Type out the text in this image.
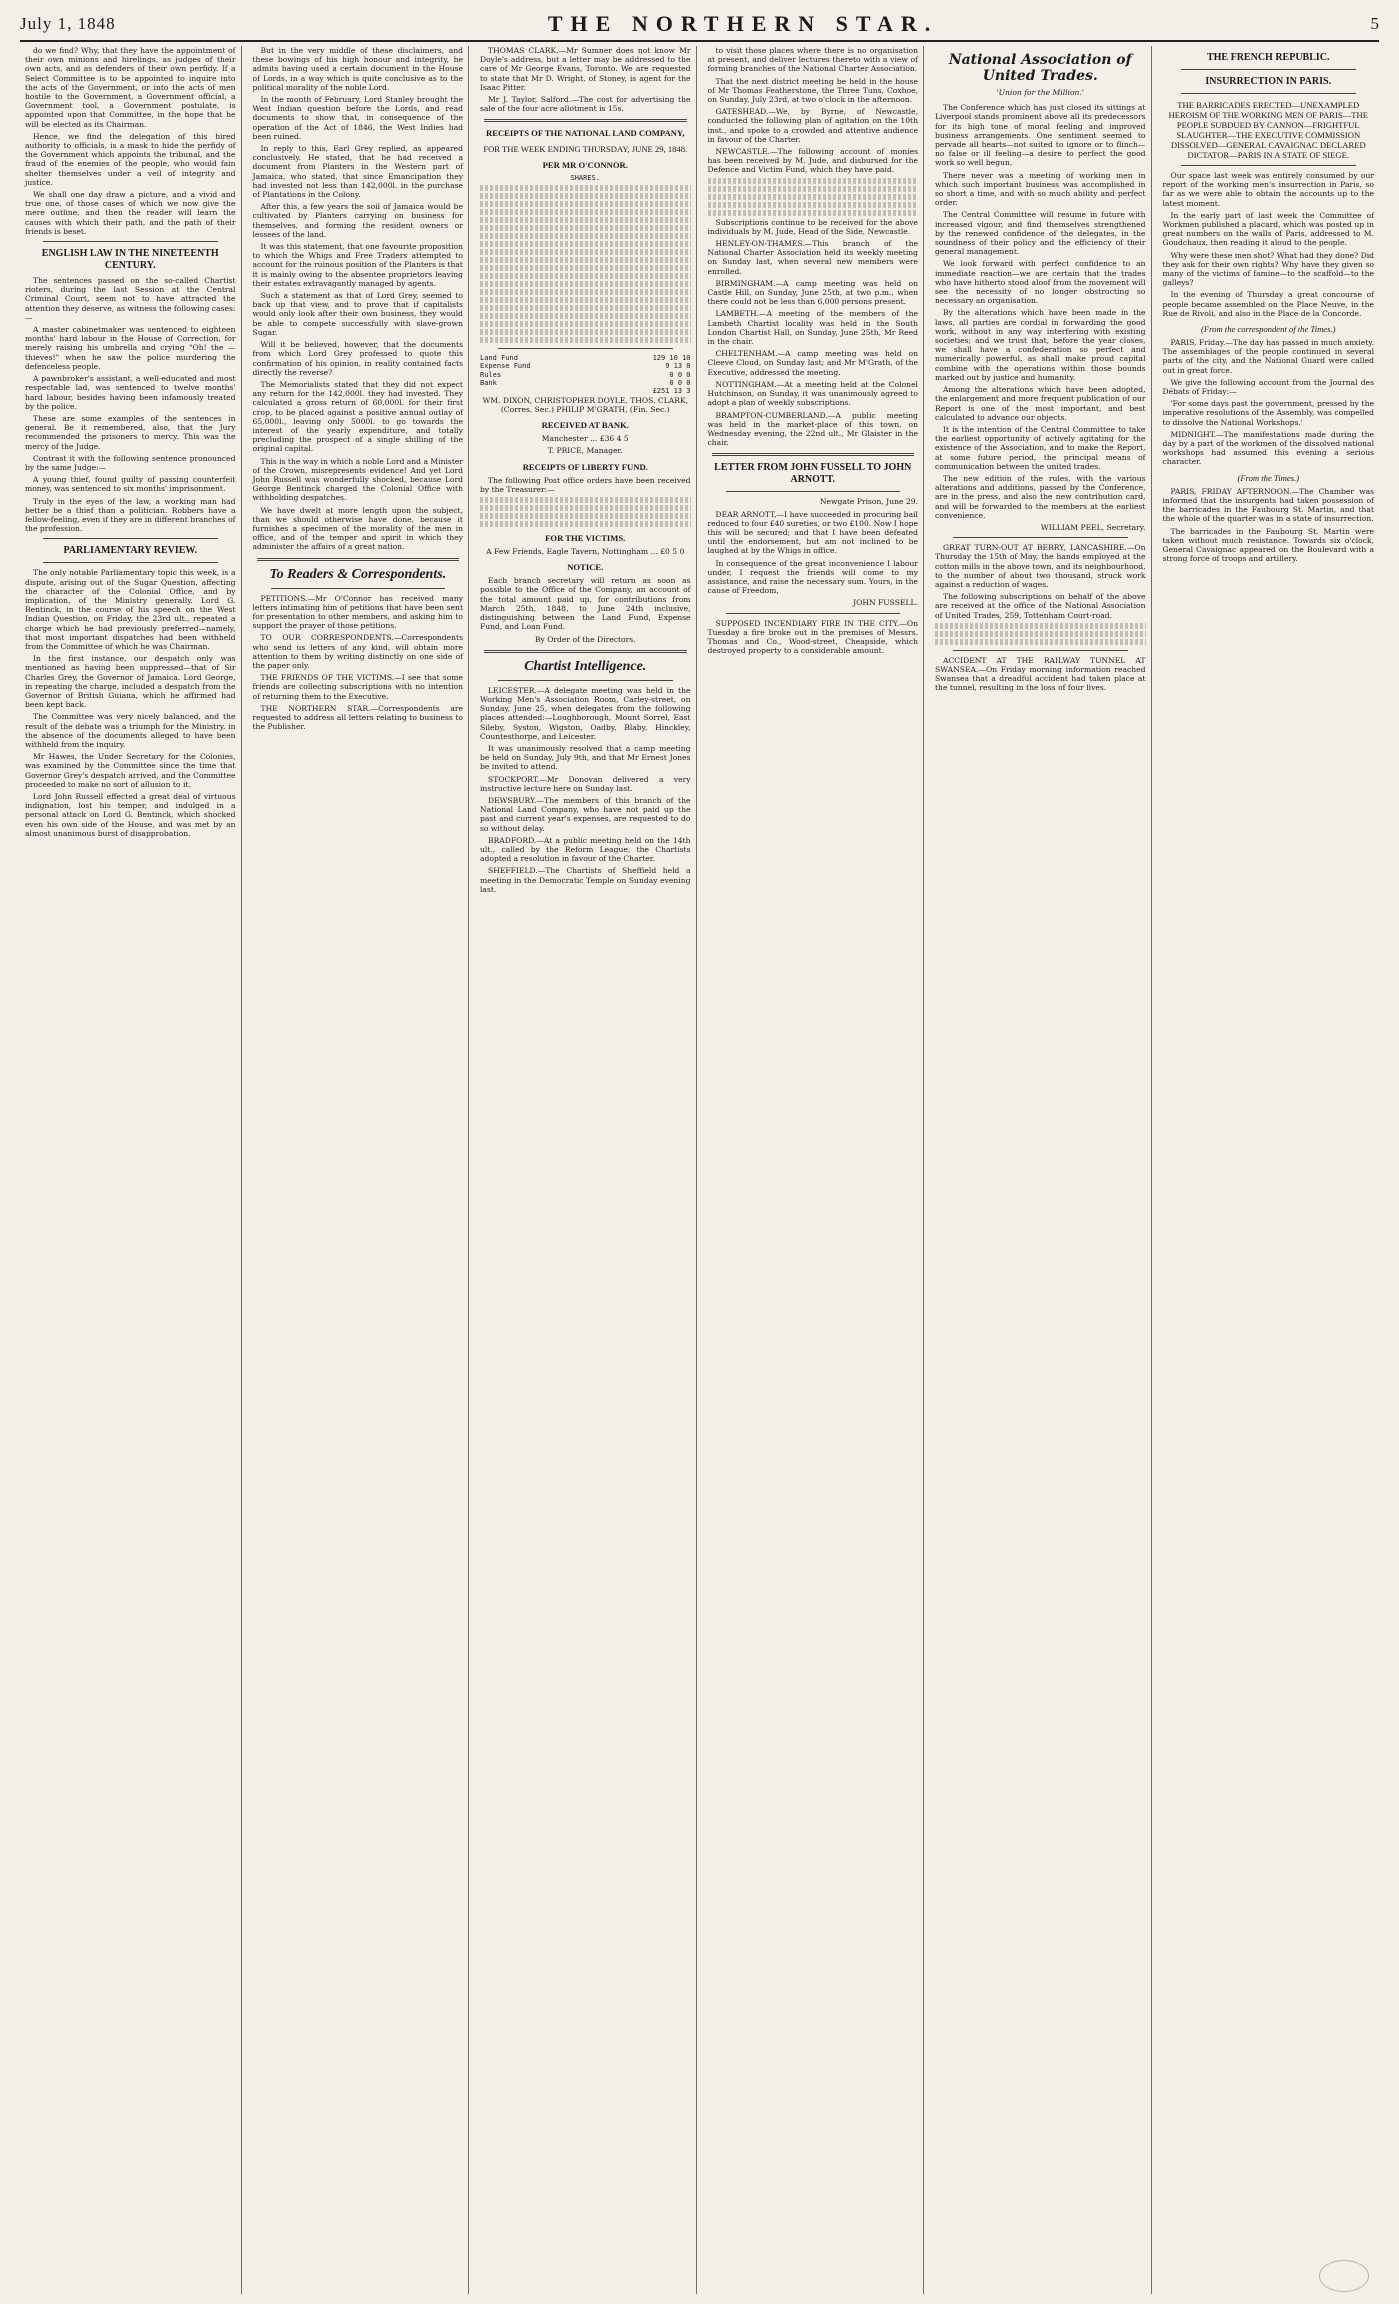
July 1, 1848	THE NORTHERN STAR.	5

do we find? Why, that they have the appointment of their own minions and hirelings, as judges of their own acts, and as defenders of their own perfidy. If a Select Committee is to be appointed to inquire into the acts of the Government, or into the acts of men hostile to the Government, a Government official, a Government tool, a Government postulate, is appointed upon that Committee, in the hope that he will be elected as its Chairman.

Hence, we find the delegation of this hired authority to officials, is a mask to hide the perfidy of the Government which appoints the tribunal, and the fraud of the enemies of the people, who would fain shelter themselves under a veil of integrity and justice.

We shall one day draw a picture, and a vivid and true one, of those cases of which we now give the mere outline, and then the reader will learn the causes with which their path, and the path of their friends is beset.

ENGLISH LAW IN THE NINETEENTH CENTURY.

The sentences passed on the so-called Chartist rioters, during the last Session at the Central Criminal Court, seem not to have attracted the attention they deserve, as witness the following cases:—

A master cabinetmaker was sentenced to eighteen months' hard labour in the House of Correction, for merely raising his umbrella and crying "Oh! the — thieves!" when he saw the police murdering the defenceless people.

A pawnbroker's assistant, a well-educated and most respectable lad, was sentenced to twelve months' hard labour, besides having been infamously treated by the police.

These are some examples of the sentences in general. Be it remembered, also, that the Jury recommended the prisoners to mercy. This was the mercy of the Judge.

Contrast it with the following sentence pronounced by the same Judge:—

A young thief, found guilty of passing counterfeit money, was sentenced to six months' imprisonment.

Truly in the eyes of the law, a working man had better be a thief than a politician. Robbers have a fellow-feeling, even if they are in different branches of the profession.

PARLIAMENTARY REVIEW.

The only notable Parliamentary topic this week, is a dispute, arising out of the Sugar Question, affecting the character of the Colonial Office, and by implication, of the Ministry generally. Lord G. Bentinck, in the course of his speech on the West Indian Question, on Friday, the 23rd ult., repeated a charge which he had previously preferred—namely, that most important dispatches had been withheld from the Committee of which he was Chairman.

In the first instance, our despatch only was mentioned as having been suppressed—that of Sir Charles Grey, the Governor of Jamaica. Lord George, in repeating the charge, included a despatch from the Governor of British Guiana, which he affirmed had been kept back.

The Committee was very nicely balanced, and the result of the debate was a triumph for the Ministry, in the absence of the documents alleged to have been withheld from the inquiry.

Mr Hawes, the Under Secretary for the Colonies, was examined by the Committee since the time that Governor Grey's despatch arrived, and the Committee proceeded to make no sort of allusion to it.

Lord John Russell effected a great deal of virtuous indignation, lost his temper, and indulged in a personal attack on Lord G. Bentinck, which shocked even his own side of the House, and was met by an almost unanimous burst of disapprobation.

But in the very middle of these disclaimers, and these bowings of his high honour and integrity, he admits having used a certain document in the House of Lords, in a way which is quite conclusive as to the political morality of the noble Lord.

In the month of February, Lord Stanley brought the West Indian question before the Lords, and read documents to show that, in consequence of the operation of the Act of 1846, the West Indies had been ruined.

In reply to this, Earl Grey replied, as appeared conclusively. He stated, that he had received a document from Planters in the Western part of Jamaica, who stated, that since Emancipation they had invested not less than 142,000l. in the purchase of Plantations in the Colony.

After this, a few years the soil of Jamaica would be cultivated by Planters carrying on business for themselves, and forming the resident owners or lessees of the land.

It was this statement, that one favourite proposition to which the Whigs and Free Traders attempted to account for the ruinous position of the Planters is that it is mainly owing to the absentee proprietors leaving their estates extravagantly managed by agents.

Such a statement as that of Lord Grey, seemed to back up that view, and to prove that if capitalists would only look after their own business, they would be able to compete successfully with slave-grown Sugar.

Will it be believed, however, that the documents from which Lord Grey professed to quote this confirmation of his opinion, in reality contained facts directly the reverse?

The Memorialists stated that they did not expect any return for the 142,000l. they had invested. They calculated a gross return of 60,000l. for their first crop, to be placed against a positive annual outlay of 65,000l., leaving only 5000l. to go towards the interest of the yearly expenditure, and totally precluding the prospect of a single shilling of the original capital.

This is the way in which a noble Lord and a Minister of the Crown, misrepresents evidence! And yet Lord John Russell was wonderfully shocked, because Lord George Bentinck charged the Colonial Office with withholding despatches.

We have dwelt at more length upon the subject, than we should otherwise have done, because it furnishes a specimen of the morality of the men in office, and of the temper and spirit in which they administer the affairs of a great nation.

To Readers & Correspondents.

PETITIONS.—Mr O'Connor has received many letters intimating him of petitions that have been sent for presentation to other members, and asking him to support the prayer of those petitions.

TO OUR CORRESPONDENTS.—Correspondents who send us letters of any kind, will obtain more attention to them by writing distinctly on one side of the paper only.

THE FRIENDS OF THE VICTIMS.—I see that some friends are collecting subscriptions with no intention of returning them to the Executive.

THE NORTHERN STAR.—Correspondents are requested to address all letters relating to business to the Publisher.

THOMAS CLARK.—Mr Sumner does not know Mr Doyle's address, but a letter may be addressed to the care of Mr George Evans, Toronto. We are requested to state that Mr D. Wright, of Stoney, is agent for the Isaac Pitter.

Mr J. Taylor, Salford.—The cost for advertising the sale of the four acre allotment is 15s.

RECEIPTS OF THE NATIONAL LAND COMPANY,
FOR THE WEEK ENDING THURSDAY, JUNE 29, 1848.
PER MR O'CONNOR.
SHARES.
Land Fund	129 10 10
Expense Fund	9 13 0
Rules	0 0 0
Bank	0 0 0
£251 13 3

WM. DIXON, CHRISTOPHER DOYLE, THOS. CLARK, (Corres. Sec.) PHILIP M'GRATH, (Fin. Sec.)

RECEIVED AT BANK.

Manchester ... £36 4 5

T. PRICE, Manager.

RECEIPTS OF LIBERTY FUND.

The following Post office orders have been received by the Treasurer:—

FOR THE VICTIMS.

A Few Friends, Eagle Tavern, Nottingham ... £0 5 0

NOTICE.

Each branch secretary will return as soon as possible to the Office of the Company, an account of the total amount paid up, for contributions from March 25th, 1848, to June 24th inclusive, distinguishing between the Land Fund, Expense Fund, and Loan Fund.

By Order of the Directors.

Chartist Intelligence.

LEICESTER.—A delegate meeting was held in the Working Men's Association Room, Carley-street, on Sunday, June 25, when delegates from the following places attended:—Loughborough, Mount Sorrel, East Sileby, Syston, Wigston, Oadby, Blaby, Hinckley, Countesthorpe, and Leicester.

It was unanimously resolved that a camp meeting be held on Sunday, July 9th, and that Mr Ernest Jones be invited to attend.

STOCKPORT.—Mr Donovan delivered a very instructive lecture here on Sunday last.

DEWSBURY.—The members of this branch of the National Land Company, who have not paid up the past and current year's expenses, are requested to do so without delay.

BRADFORD.—At a public meeting held on the 14th ult., called by the Reform League, the Chartists adopted a resolution in favour of the Charter.

SHEFFIELD.—The Chartists of Sheffield held a meeting in the Democratic Temple on Sunday evening last.

to visit those places where there is no organisation at present, and deliver lectures thereto with a view of forming branches of the National Charter Association.

That the next district meeting be held in the house of Mr Thomas Featherstone, the Three Tuns, Coxhoe, on Sunday, July 23rd, at two o'clock in the afternoon.

GATESHEAD.—We, by Byrne, of Newcastle, conducted the following plan of agitation on the 10th inst., and spoke to a crowded and attentive audience in favour of the Charter.

NEWCASTLE.—The following account of monies has been received by M. Jude, and disbursed for the Defence and Victim Fund, which they have paid.

Subscriptions continue to be received for the above individuals by M. Jude, Head of the Side, Newcastle.

HENLEY-ON-THAMES.—This branch of the National Charter Association held its weekly meeting on Sunday last, when several new members were enrolled.

BIRMINGHAM.—A camp meeting was held on Castle Hill, on Sunday, June 25th, at two p.m., when there could not be less than 6,000 persons present.

LAMBETH.—A meeting of the members of the Lambeth Chartist locality was held in the South London Chartist Hall, on Sunday, June 25th, Mr Reed in the chair.

CHELTENHAM.—A camp meeting was held on Cleeve Cloud, on Sunday last; and Mr M'Grath, of the Executive, addressed the meeting.

NOTTINGHAM.—At a meeting held at the Colonel Hutchinson, on Sunday, it was unanimously agreed to adopt a plan of weekly subscriptions.

BRAMPTON-CUMBERLAND.—A public meeting was held in the market-place of this town, on Wednesday evening, the 22nd ult., Mr Glaister in the chair.

LETTER FROM JOHN FUSSELL TO JOHN ARNOTT.

Newgate Prison, June 29.

DEAR ARNOTT,—I have succeeded in procuring bail reduced to four £40 sureties, or two £100. Now I hope this will be secured; and that I have been defeated until the endorsement, but am not inclined to be laughed at by the Whigs in office.

In consequence of the great inconvenience I labour under, I request the friends will come to my assistance, and raise the necessary sum. Yours, in the cause of Freedom,

JOHN FUSSELL.

SUPPOSED INCENDIARY FIRE IN THE CITY.—On Tuesday a fire broke out in the premises of Messrs. Thomas and Co., Wood-street, Cheapside, which destroyed property to a considerable amount.

National Association of United Trades.
'Union for the Million.'

The Conference which has just closed its sittings at Liverpool stands prominent above all its predecessors for its high tone of moral feeling and improved business arrangements. One sentiment seemed to pervade all hearts—not suited to ignore or to flinch—no false or ill feeling—a desire to perfect the good work so well begun.

There never was a meeting of working men in which such important business was accomplished in so short a time, and with so much ability and perfect order.

The Central Committee will resume in future with increased vigour, and find themselves strengthened by the renewed confidence of the delegates, in the soundness of their policy and the efficiency of their general management.

We look forward with perfect confidence to an immediate reaction—we are certain that the trades who have hitherto stood aloof from the movement will see the necessity of no longer obstructing so necessary an organisation.

By the alterations which have been made in the laws, all parties are cordial in forwarding the good work, without in any way interfering with existing societies; and we trust that, before the year closes, we shall have a confederation so perfect and numerically powerful, as shall make proud capital combine with the operations within those bounds marked out by justice and humanity.

Among the alterations which have been adopted, the enlargement and more frequent publication of our Report is one of the most important, and best calculated to advance our objects.

It is the intention of the Central Committee to take the earliest opportunity of actively agitating for the existence of the Association, and to make the Report, at some future period, the principal means of communication between the united trades.

The new edition of the rules, with the various alterations and additions, passed by the Conference, are in the press, and also the new contribution card, and will be forwarded to the members at the earliest convenience.

WILLIAM PEEL, Secretary.

GREAT TURN-OUT AT BERRY, LANCASHIRE.—On Thursday the 15th of May, the hands employed at the cotton mills in the above town, and its neighbourhood, to the number of about two thousand, struck work against a reduction of wages.

The following subscriptions on behalf of the above are received at the office of the National Association of United Trades, 259, Tottenham Court-road.

ACCIDENT AT THE RAILWAY TUNNEL AT SWANSEA.—On Friday morning information reached Swansea that a dreadful accident had taken place at the tunnel, resulting in the loss of four lives.

THE FRENCH REPUBLIC.
INSURRECTION IN PARIS.
THE BARRICADES ERECTED—UNEXAMPLED HEROISM OF THE WORKING MEN OF PARIS—THE PEOPLE SUBDUED BY CANNON—FRIGHTFUL SLAUGHTER—THE EXECUTIVE COMMISSION DISSOLVED—GENERAL CAVAIGNAC DECLARED DICTATOR—PARIS IN A STATE OF SIEGE.

Our space last week was entirely consumed by our report of the working men's insurrection in Paris, so far as we were able to obtain the accounts up to the latest moment.

In the early part of last week the Committee of Workmen published a placard, which was posted up in great numbers on the walls of Paris, addressed to M. Goudchaux, then reading it aloud to the people.

Why were these men shot? What had they done? Did they ask for their own rights? Why have they given so many of the victims of famine—to the scaffold—to the galleys?

In the evening of Thursday a great concourse of people became assembled on the Place Neuve, in the Rue de Rivoli, and also in the Place de la Concorde.

(From the correspondent of the Times.)

PARIS, Friday.—The day has passed in much anxiety. The assemblages of the people continued in several parts of the city, and the National Guard were called out in great force.

We give the following account from the Journal des Débats of Friday:—

'For some days past the government, pressed by the imperative resolutions of the Assembly, was compelled to dissolve the National Workshops.'

MIDNIGHT.—The manifestations made during the day by a part of the workmen of the dissolved national workshops had assumed this evening a serious character.

(From the Times.)

PARIS, FRIDAY AFTERNOON.—The Chamber was informed that the insurgents had taken possession of the barricades in the Faubourg St. Martin, and that the whole of the quarter was in a state of insurrection.

The barricades in the Faubourg St. Martin were taken without much resistance. Towards six o'clock, General Cavaignac appeared on the Boulevard with a strong force of troops and artillery.
